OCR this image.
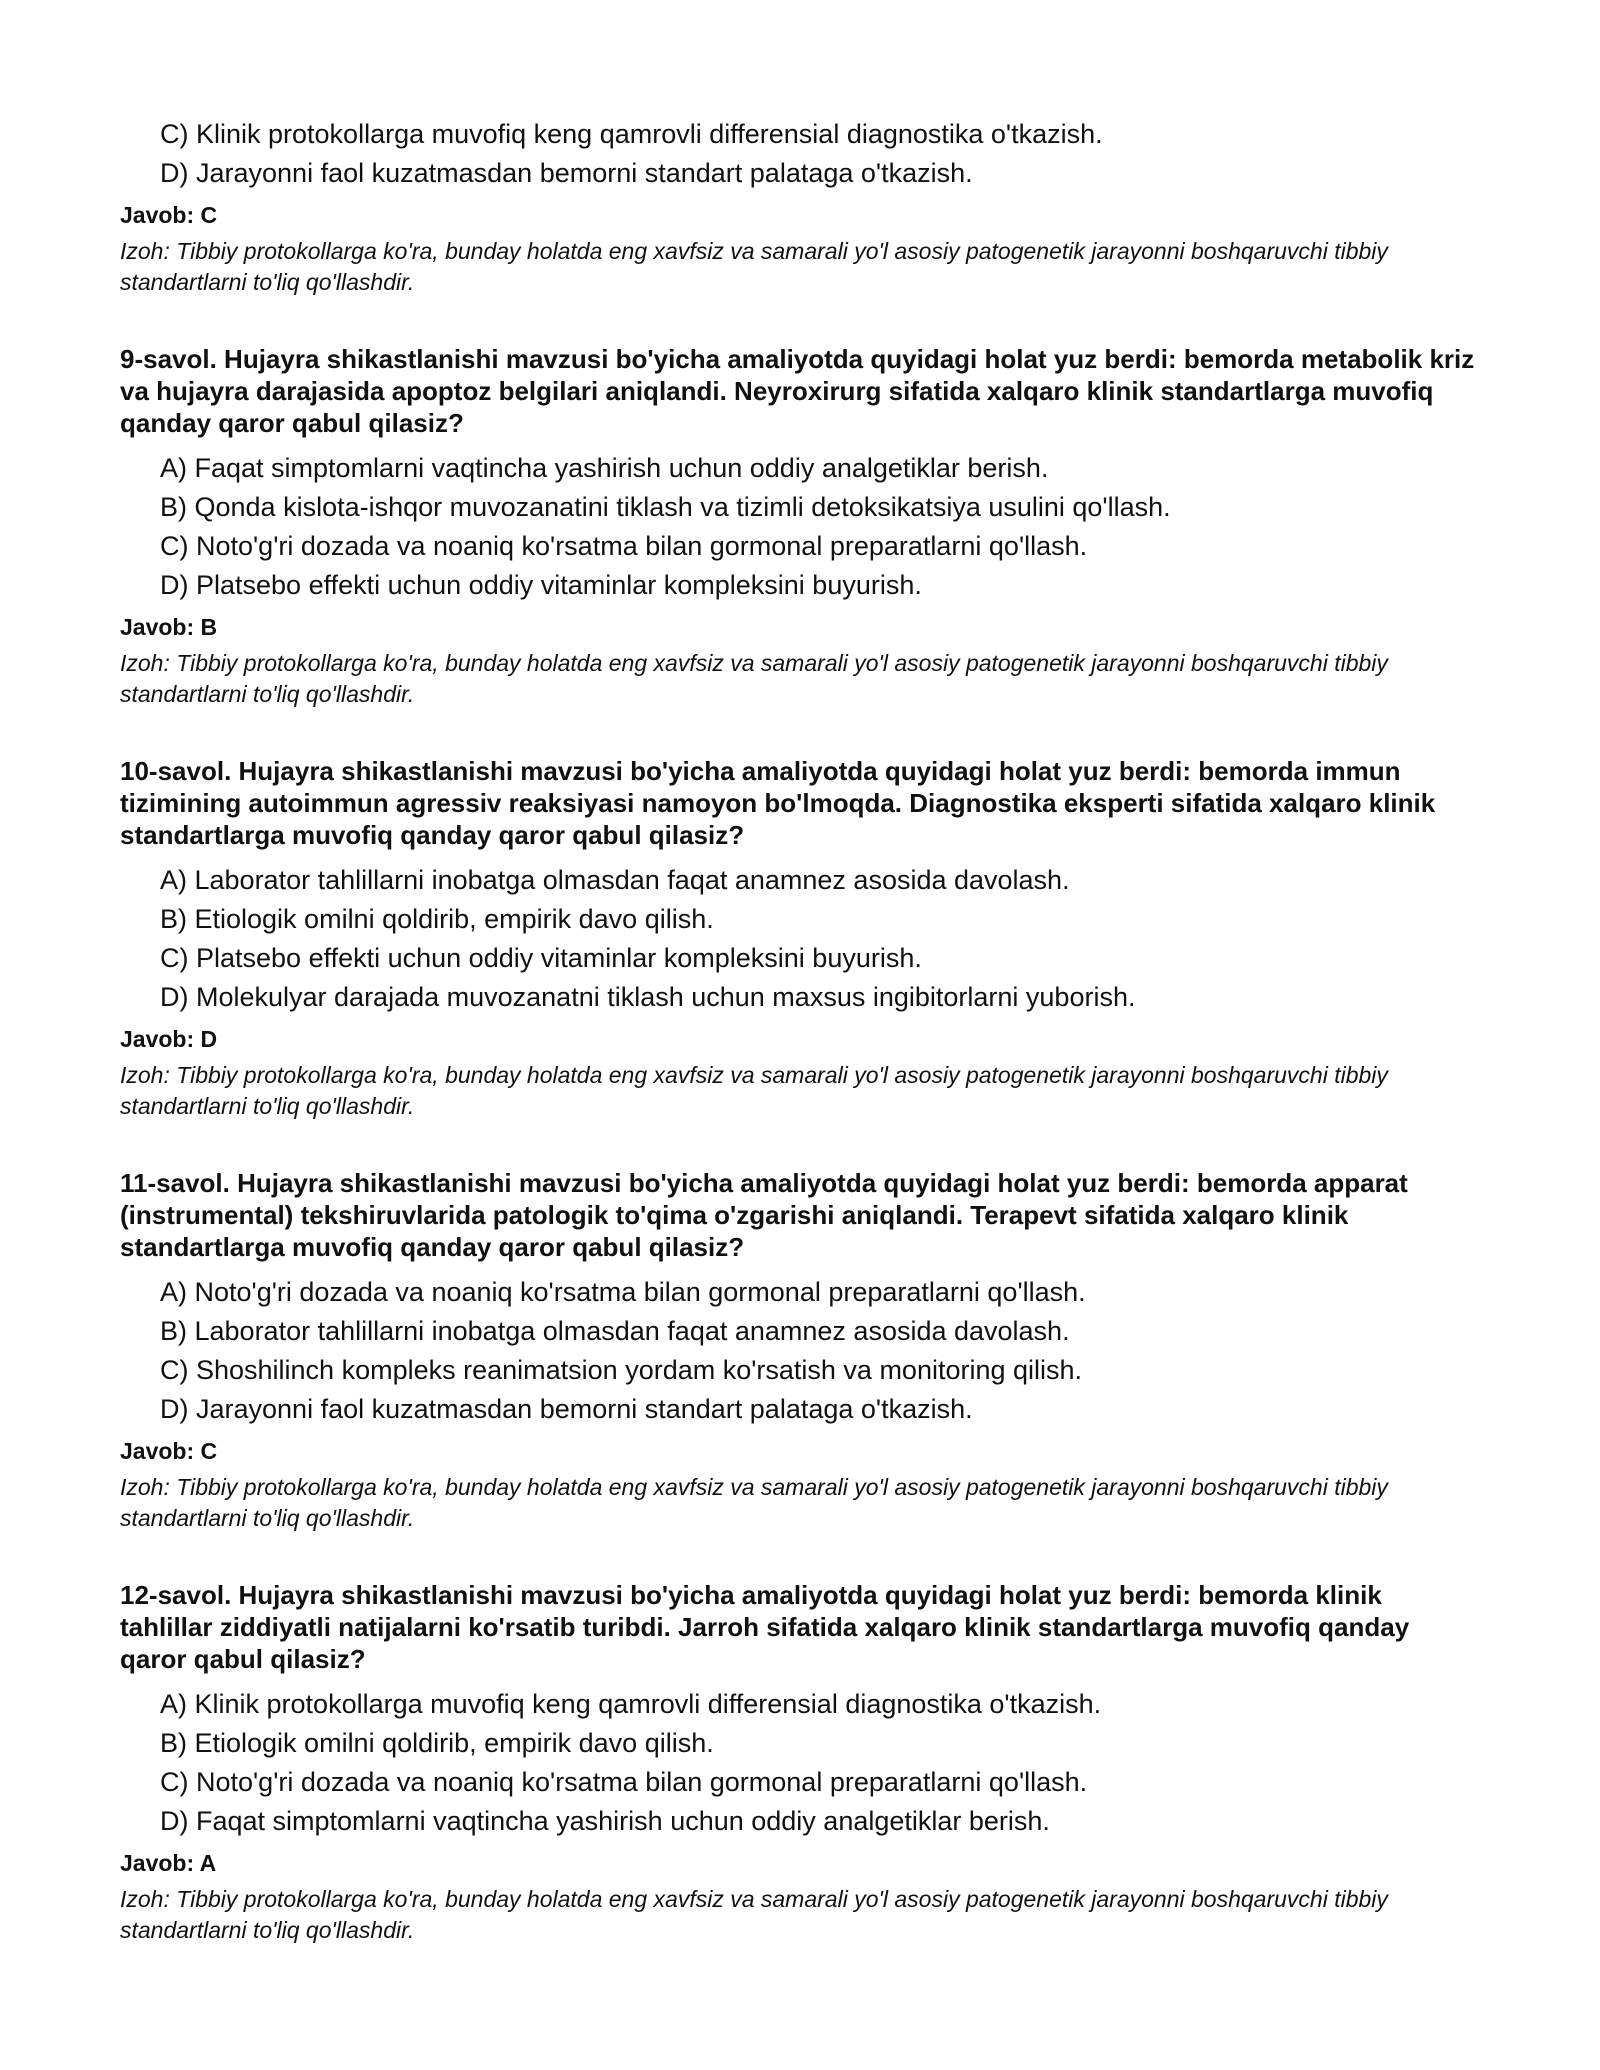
C) Klinik protokollarga muvofiq keng qamrovli differensial diagnostika o'tkazish.
D) Jarayonni faol kuzatmasdan bemorni standart palataga o'tkazish.
Javob: C
Izoh: Tibbiy protokollarga ko'ra, bunday holatda eng xavfsiz va samarali yo'l asosiy patogenetik jarayonni boshqaruvchi tibbiy standartlarni to'liq qo'llashdir.
9-savol. Hujayra shikastlanishi mavzusi bo'yicha amaliyotda quyidagi holat yuz berdi: bemorda metabolik kriz va hujayra darajasida apoptoz belgilari aniqlandi. Neyroxirurg sifatida xalqaro klinik standartlarga muvofiq qanday qaror qabul qilasiz?
A) Faqat simptomlarni vaqtincha yashirish uchun oddiy analgetiklar berish.
B) Qonda kislota-ishqor muvozanatini tiklash va tizimli detoksikatsiya usulini qo'llash.
C) Noto'g'ri dozada va noaniq ko'rsatma bilan gormonal preparatlarni qo'llash.
D) Platsebo effekti uchun oddiy vitaminlar kompleksini buyurish.
Javob: B
Izoh: Tibbiy protokollarga ko'ra, bunday holatda eng xavfsiz va samarali yo'l asosiy patogenetik jarayonni boshqaruvchi tibbiy standartlarni to'liq qo'llashdir.
10-savol. Hujayra shikastlanishi mavzusi bo'yicha amaliyotda quyidagi holat yuz berdi: bemorda immun tizimining autoimmun agressiv reaksiyasi namoyon bo'lmoqda. Diagnostika eksperti sifatida xalqaro klinik standartlarga muvofiq qanday qaror qabul qilasiz?
A) Laborator tahlillarni inobatga olmasdan faqat anamnez asosida davolash.
B) Etiologik omilni qoldirib, empirik davo qilish.
C) Platsebo effekti uchun oddiy vitaminlar kompleksini buyurish.
D) Molekulyar darajada muvozanatni tiklash uchun maxsus ingibitorlarni yuborish.
Javob: D
Izoh: Tibbiy protokollarga ko'ra, bunday holatda eng xavfsiz va samarali yo'l asosiy patogenetik jarayonni boshqaruvchi tibbiy standartlarni to'liq qo'llashdir.
11-savol. Hujayra shikastlanishi mavzusi bo'yicha amaliyotda quyidagi holat yuz berdi: bemorda apparat (instrumental) tekshiruvlarida patologik to'qima o'zgarishi aniqlandi. Terapevt sifatida xalqaro klinik standartlarga muvofiq qanday qaror qabul qilasiz?
A) Noto'g'ri dozada va noaniq ko'rsatma bilan gormonal preparatlarni qo'llash.
B) Laborator tahlillarni inobatga olmasdan faqat anamnez asosida davolash.
C) Shoshilinch kompleks reanimatsion yordam ko'rsatish va monitoring qilish.
D) Jarayonni faol kuzatmasdan bemorni standart palataga o'tkazish.
Javob: C
Izoh: Tibbiy protokollarga ko'ra, bunday holatda eng xavfsiz va samarali yo'l asosiy patogenetik jarayonni boshqaruvchi tibbiy standartlarni to'liq qo'llashdir.
12-savol. Hujayra shikastlanishi mavzusi bo'yicha amaliyotda quyidagi holat yuz berdi: bemorda klinik tahlillar ziddiyatli natijalarni ko'rsatib turibdi. Jarroh sifatida xalqaro klinik standartlarga muvofiq qanday qaror qabul qilasiz?
A) Klinik protokollarga muvofiq keng qamrovli differensial diagnostika o'tkazish.
B) Etiologik omilni qoldirib, empirik davo qilish.
C) Noto'g'ri dozada va noaniq ko'rsatma bilan gormonal preparatlarni qo'llash.
D) Faqat simptomlarni vaqtincha yashirish uchun oddiy analgetiklar berish.
Javob: A
Izoh: Tibbiy protokollarga ko'ra, bunday holatda eng xavfsiz va samarali yo'l asosiy patogenetik jarayonni boshqaruvchi tibbiy standartlarni to'liq qo'llashdir.
